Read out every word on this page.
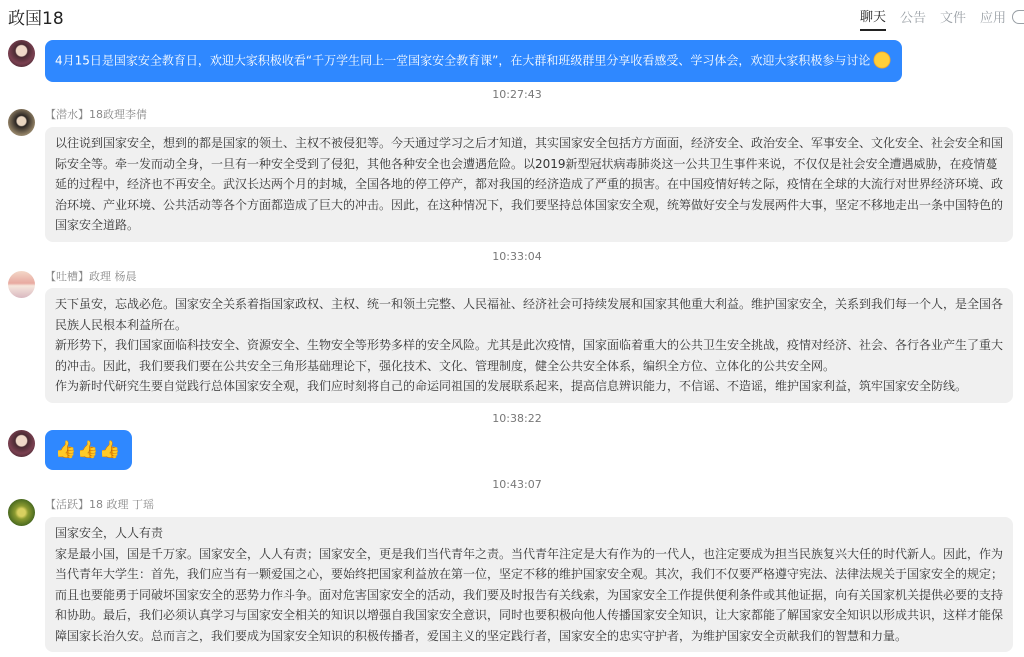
政国18	聊天 公告 文件 应用
4月15日是国家安全教育日，欢迎大家积极收看“千万学生同上一堂国家安全教育课”，在大群和班级群里分享收看感受、学习体会，欢迎大家积极参与讨论
10:27:43
【潜水】18政理李倩

以往说到国家安全，想到的都是国家的领土、主权不被侵犯等。今天通过学习之后才知道，其实国家安全包括方方面面，经济安全、政治安全、军事安全、文化安全、社会安全和国际安全等。牵一发而动全身，一旦有一种安全受到了侵犯，其他各种安全也会遭遇危险。以2019新型冠状病毒肺炎这一公共卫生事件来说，不仅仅是社会安全遭遇威胁，在疫情蔓延的过程中，经济也不再安全。武汉长达两个月的封城，全国各地的停工停产，都对我国的经济造成了严重的损害。在中国疫情好转之际，疫情在全球的大流行对世界经济环境、政治环境、产业环境、公共活动等各个方面都造成了巨大的冲击。因此，在这种情况下，我们要坚持总体国家安全观，统筹做好安全与发展两件大事，坚定不移地走出一条中国特色的国家安全道路。

10:33:04
【吐槽】政理 杨晨

天下虽安，忘战必危。国家安全关系着指国家政权、主权、统一和领土完整、人民福祉、经济社会可持续发展和国家其他重大利益。维护国家安全，关系到我们每一个人，是全国各民族人民根本利益所在。

新形势下，我们国家面临科技安全、资源安全、生物安全等形势多样的安全风险。尤其是此次疫情，国家面临着重大的公共卫生安全挑战，疫情对经济、社会、各行各业产生了重大的冲击。因此，我们要我们要在公共安全三角形基础理论下，强化技术、文化、管理制度，健全公共安全体系，编织全方位、立体化的公共安全网。

作为新时代研究生要自觉践行总体国家安全观，我们应时刻将自己的命运同祖国的发展联系起来，提高信息辨识能力，不信谣、不造谣，维护国家利益，筑牢国家安全防线。

10:38:22
👍👍👍
10:43:07
【活跃】18 政理 丁瑶

国家安全，人人有责

家是最小国，国是千万家。国家安全，人人有责；国家安全，更是我们当代青年之责。当代青年注定是大有作为的一代人，也注定要成为担当民族复兴大任的时代新人。因此，作为当代青年大学生：首先，我们应当有一颗爱国之心，要始终把国家利益放在第一位，坚定不移的维护国家安全观。其次，我们不仅要严格遵守宪法、法律法规关于国家安全的规定；而且也要能勇于同破坏国家安全的恶势力作斗争。面对危害国家安全的活动，我们要及时报告有关线索，为国家安全工作提供便利条件或其他证据，向有关国家机关提供必要的支持和协助。最后，我们必须认真学习与国家安全相关的知识以增强自我国家安全意识，同时也要积极向他人传播国家安全知识，让大家都能了解国家安全知识以形成共识，这样才能保障国家长治久安。总而言之，我们要成为国家安全知识的积极传播者，爱国主义的坚定践行者，国家安全的忠实守护者，为维护国家安全贡献我们的智慧和力量。
